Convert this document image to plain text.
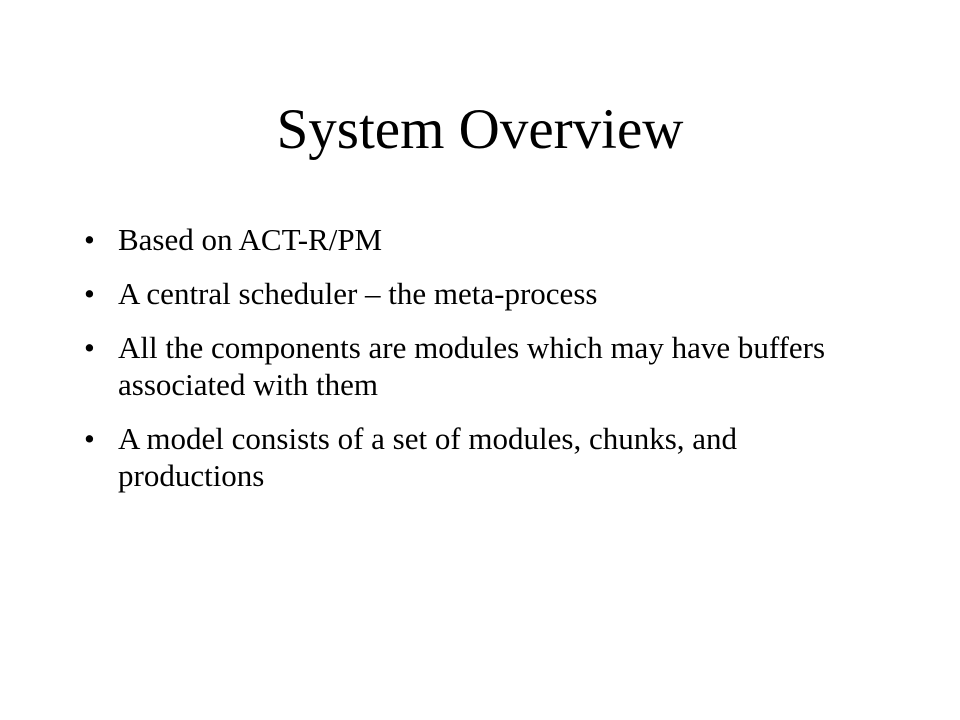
System Overview
• Based on ACT-R/PM
• A central scheduler – the meta-process
• All the components are modules which may have buffers associated with them
• A model consists of a set of modules, chunks, and productions
